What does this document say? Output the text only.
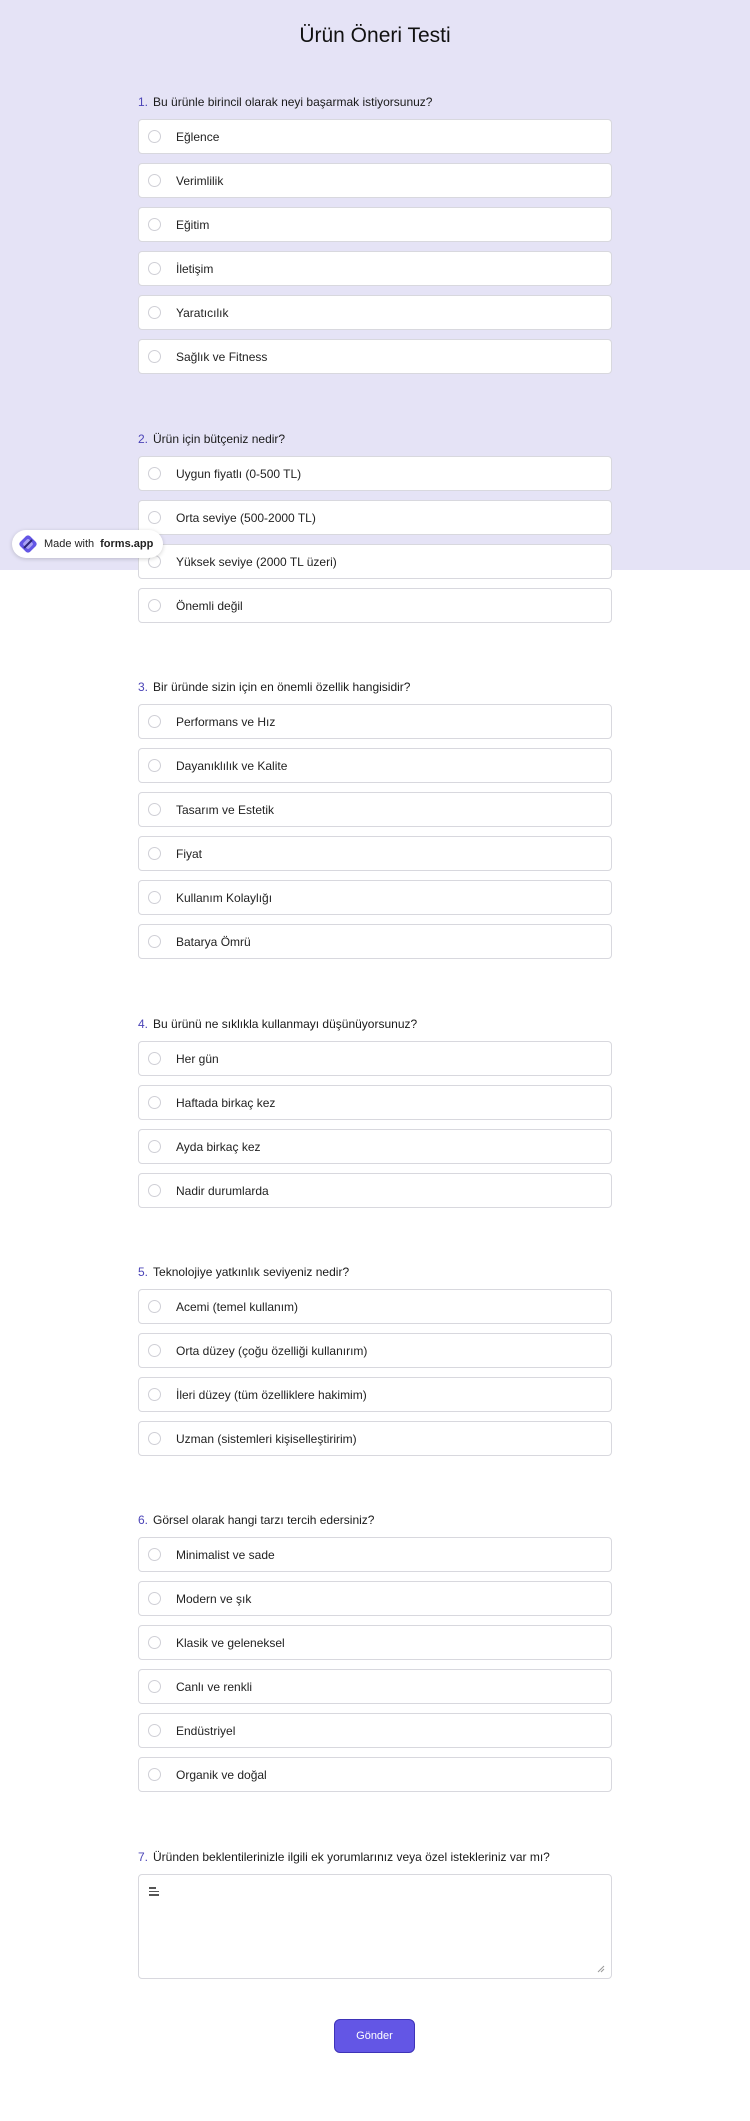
Ürün Öneri Testi
Made with forms.app
1. Bu ürünle birincil olarak neyi başarmak istiyorsunuz?
Eğlence
Verimlilik
Eğitim
İletişim
Yaratıcılık
Sağlık ve Fitness
2. Ürün için bütçeniz nedir?
Uygun fiyatlı (0-500 TL)
Orta seviye (500-2000 TL)
Yüksek seviye (2000 TL üzeri)
Önemli değil
3. Bir üründe sizin için en önemli özellik hangisidir?
Performans ve Hız
Dayanıklılık ve Kalite
Tasarım ve Estetik
Fiyat
Kullanım Kolaylığı
Batarya Ömrü
4. Bu ürünü ne sıklıkla kullanmayı düşünüyorsunuz?
Her gün
Haftada birkaç kez
Ayda birkaç kez
Nadir durumlarda
5. Teknolojiye yatkınlık seviyeniz nedir?
Acemi (temel kullanım)
Orta düzey (çoğu özelliği kullanırım)
İleri düzey (tüm özelliklere hakimim)
Uzman (sistemleri kişiselleştiririm)
6. Görsel olarak hangi tarzı tercih edersiniz?
Minimalist ve sade
Modern ve şık
Klasik ve geleneksel
Canlı ve renkli
Endüstriyel
Organik ve doğal
7. Üründen beklentilerinizle ilgili ek yorumlarınız veya özel istekleriniz var mı?
Gönder
